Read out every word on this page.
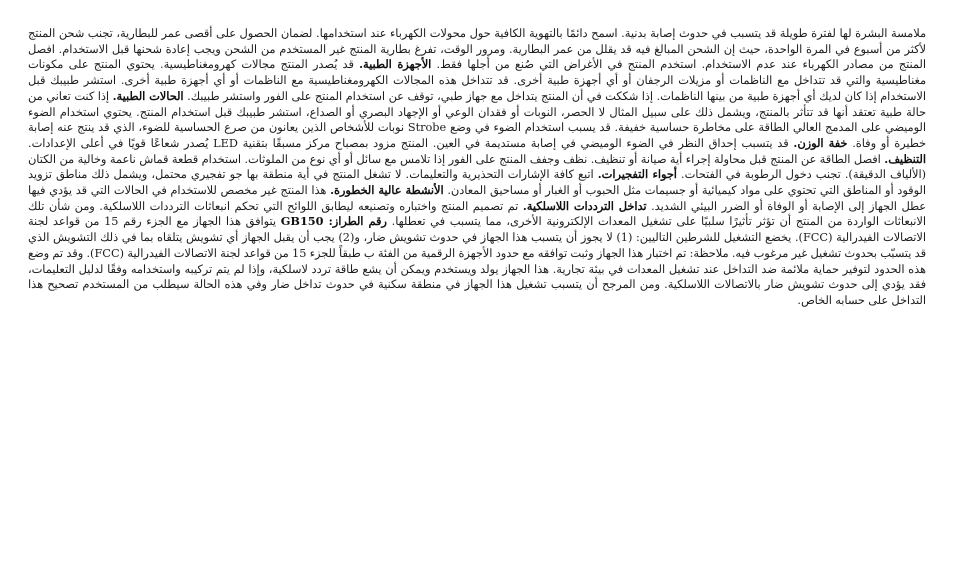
ملامسة البشرة لها لفترة طويلة قد يتسبب في حدوث إصابة بدنية. اسمح دائمًا بالتهوية الكافية حول محولات الكهرباء عند استخدامها. لضمان الحصول على أقصى عمر للبطارية، تجنب شحن المنتج لأكثر من أسبوع في المرة الواحدة، حيث إن الشحن المبالغ فيه قد يقلل من عمر البطارية. ومرور الوقت، تفرغ بطارية المنتج غير المستخدم من الشحن ويجب إعادة شحنها قبل الاستخدام. افصل المنتج من مصادر الكهرباء عند عدم الاستخدام. استخدم المنتج في الأغراض التي صُنع من أجلها فقط. الأجهزة الطبية. قد يُصدر المنتج مجالات كهرومغناطيسية. يحتوي المنتج على مكونات مغناطيسية والتي قد تتداخل مع الناظمات أو مزيلات الرجفان أو أي أجهزة طبية أخرى. قد تتداخل هذه المجالات الكهرومغناطيسية مع الناظمات أو أي أجهزة طبية أخرى. استشر طبيبك قبل الاستخدام إذا كان لديك أي أجهزة طبية من بينها الناظمات. إذا شككت في أن المنتج يتداخل مع جهاز طبي، توقف عن استخدام المنتج على الفور واستشر طبيبك. الحالات الطبية. إذا كنت تعاني من حالة طبية تعتقد أنها قد تتأثر بالمنتج، ويشمل ذلك على سبيل المثال لا الحصر، النوبات أو فقدان الوعي أو الإجهاد البصري أو الصداع، استشر طبيبك قبل استخدام المنتج. يحتوي استخدام الضوء الوميضي على المدمج العالي الطاقة على مخاطرة حساسية خفيفة. قد يسبب استخدام الضوء في وضع Strobe نوبات للأشخاص الذين يعانون من صرع الحساسية للضوء، الذي قد ينتج عنه إصابة خطيرة أو وفاة. خفة الوزن. قد يتسبب إحداق النظر في الضوء الوميضي في إصابة مستديمة في العين. المنتج مزود بمصباح مركز مسبقًا بتقنية LED يُصدر شعاعًا قويًا في أعلى الإعدادات. التنظيف. افصل الطاقة عن المنتج قبل محاولة إجراء أية صيانة أو تنظيف. نظف وجفف المنتج على الفور إذا تلامس مع سائل أو أي نوع من الملوثات. استخدام قطعة قماش ناعمة وخالية من الكتان (الألياف الدقيقة). تجنب دخول الرطوبة في الفتحات. أجواء التفجيرات. اتبع كافة الإشارات التحذيرية والتعليمات. لا تشغل المنتج في أية منطقة بها جو تفجيري محتمل، ويشمل ذلك مناطق تزويد الوقود أو المناطق التي تحتوي على مواد كيميائية أو جسيمات مثل الحبوب أو الغبار أو مساحيق المعادن. الأنشطة عالية الخطورة. هذا المنتج غير مخصص للاستخدام في الحالات التي قد يؤدي فيها عطل الجهاز إلى الإصابة أو الوفاة أو الضرر البيئي الشديد. تداخل الترددات اللاسلكية. تم تصميم المنتج واختباره وتصنيعه ليطابق اللوائح التي تحكم انبعاثات الترددات اللاسلكية. ومن شأن تلك الانبعاثات الواردة من المنتج أن تؤثر تأثيرًا سلبيًا على تشغيل المعدات الإلكترونية الأخرى، مما يتسبب في تعطلها. رقم الطراز: GB150 يتوافق هذا الجهاز مع الجزء رقم 15 من قواعد لجنة الاتصالات الفيدرالية (FCC). يخضع التشغيل للشرطين التاليين: (1) لا يجوز أن يتسبب هذا الجهاز في حدوث تشويش ضار، و(2) يجب أن يقبل الجهاز أي تشويش يتلقاه بما في ذلك التشويش الذي قد يتسبّب بحدوث تشغيل غير مرغوب فيه. ملاحظة: تم اختبار هذا الجهاز وثبت توافقه مع حدود الأجهزة الرقمية من الفئة ب طبقاً للجزء 15 من قواعد لجنة الاتصالات الفيدرالية (FCC). وقد تم وضع هذه الحدود لتوفير حماية ملائمة ضد التداخل عند تشغيل المعدات في بيئة تجارية. هذا الجهاز يولد ويستخدم ويمكن أن يشع طاقة تردد لاسلكية، وإذا لم يتم تركيبه واستخدامه وفقًا لدليل التعليمات، فقد يؤدي إلى حدوث تشويش ضار بالاتصالات اللاسلكية. ومن المرجح أن يتسبب تشغيل هذا الجهاز في منطقة سكنية في حدوث تداخل ضار وفي هذه الحالة سيطلب من المستخدم تصحيح هذا التداخل على حسابه الخاص.
